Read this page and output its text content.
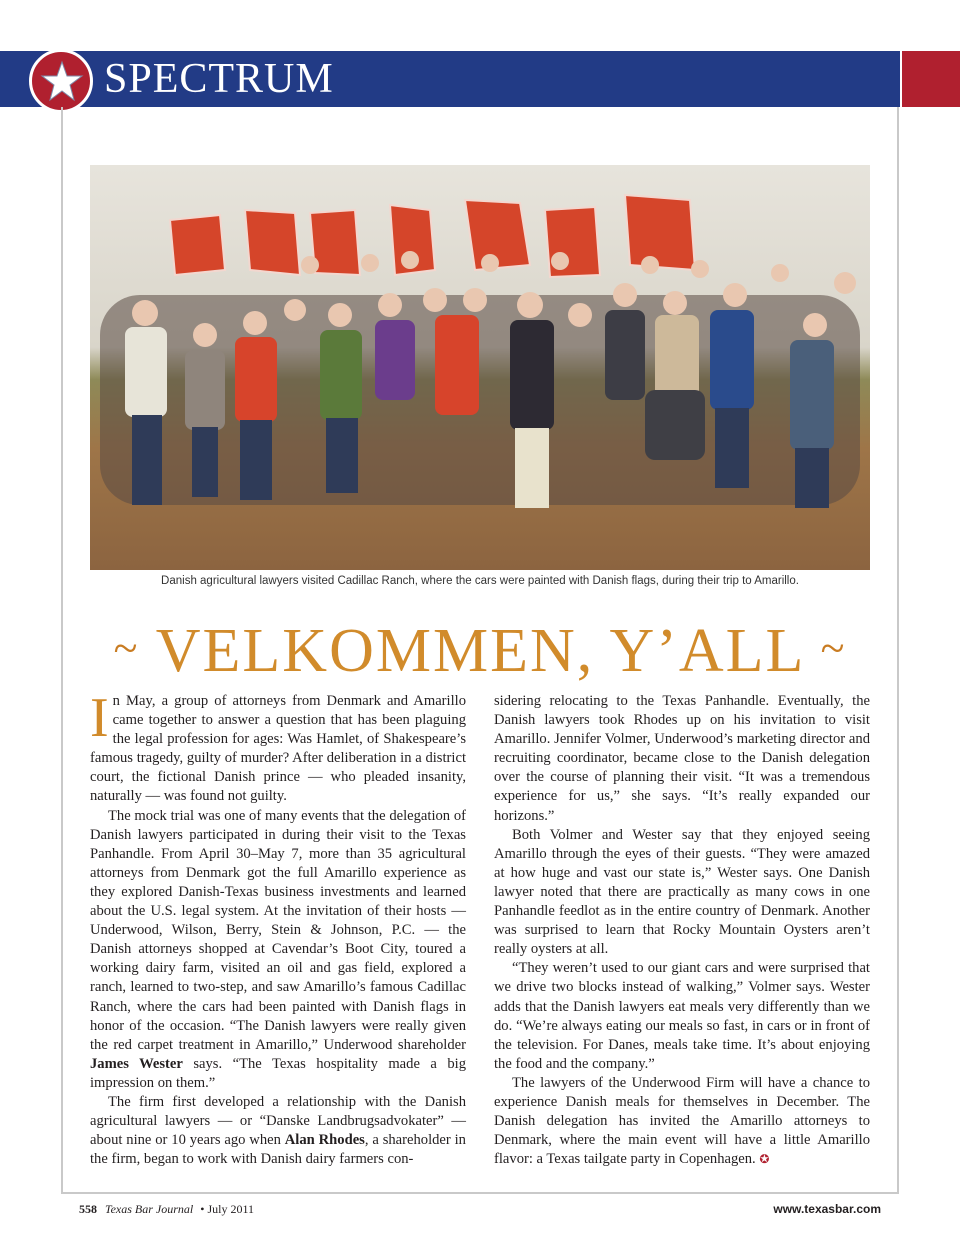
SPECTRUM
Danish agricultural lawyers visited Cadillac Ranch, where the cars were painted with Danish flags, during their trip to Amarillo.
~ VELKOMMEN, Y’ALL ~

In May, a group of attorneys from Denmark and Amarillo came together to answer a question that has been plaguing the legal profession for ages: Was Hamlet, of Shakespeare’s famous tragedy, guilty of murder? After deliberation in a district court, the fictional Danish prince — who pleaded insanity, naturally — was found not guilty.

The mock trial was one of many events that the delegation of Danish lawyers participated in during their visit to the Texas Panhandle. From April 30–May 7, more than 35 agricultural attorneys from Denmark got the full Amarillo experience as they explored Danish-Texas business investments and learned about the U.S. legal system. At the invitation of their hosts — Underwood, Wilson, Berry, Stein & Johnson, P.C. — the Danish attorneys shopped at Cavendar’s Boot City, toured a working dairy farm, visited an oil and gas field, explored a ranch, learned to two-step, and saw Amarillo’s famous Cadillac Ranch, where the cars had been painted with Danish flags in honor of the occasion. “The Danish lawyers were really given the red carpet treatment in Amarillo,” Underwood shareholder James Wester says. “The Texas hospitality made a big impression on them.”

The firm first developed a relationship with the Danish agricultural lawyers — or “Danske Landbrugsadvokater” — about nine or 10 years ago when Alan Rhodes, a shareholder in the firm, began to work with Danish dairy farmers con-

sidering relocating to the Texas Panhandle. Eventually, the Danish lawyers took Rhodes up on his invitation to visit Amarillo. Jennifer Volmer, Underwood’s marketing director and recruiting coordinator, became close to the Danish delegation over the course of planning their visit. “It was a tremendous experience for us,” she says. “It’s really expanded our horizons.”

Both Volmer and Wester say that they enjoyed seeing Amarillo through the eyes of their guests. “They were amazed at how huge and vast our state is,” Wester says. One Danish lawyer noted that there are practically as many cows in one Panhandle feedlot as in the entire country of Denmark. Another was surprised to learn that Rocky Mountain Oysters aren’t really oysters at all.

“They weren’t used to our giant cars and were surprised that we drive two blocks instead of walking,” Volmer says. Wester adds that the Danish lawyers eat meals very differently than we do. “We’re always eating our meals so fast, in cars or in front of the television. For Danes, meals take time. It’s about enjoying the food and the company.”

The lawyers of the Underwood Firm will have a chance to experience Danish meals for themselves in December. The Danish delegation has invited the Amarillo attorneys to Denmark, where the main event will have a little Amarillo flavor: a Texas tailgate party in Copenhagen. ✪

558 Texas Bar Journal • July 2011	www.texasbar.com
